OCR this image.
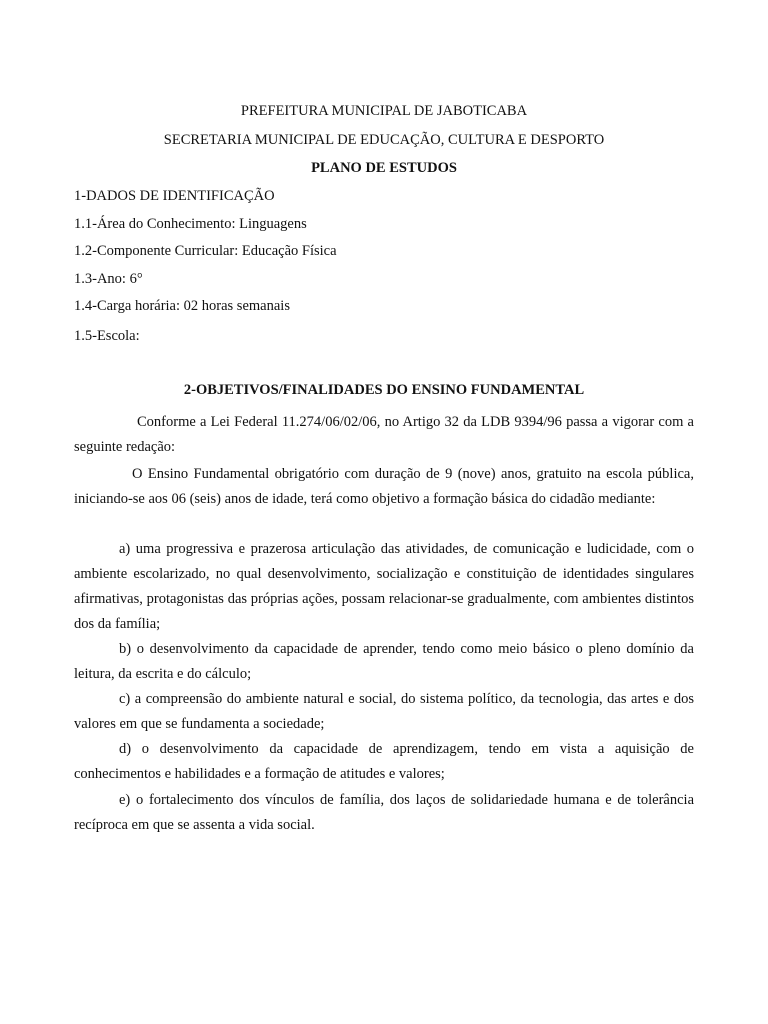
PREFEITURA MUNICIPAL DE JABOTICABA
SECRETARIA MUNICIPAL DE EDUCAÇÃO, CULTURA E DESPORTO
PLANO DE ESTUDOS
1-DADOS DE IDENTIFICAÇÃO
1.1-Área do Conhecimento: Linguagens
1.2-Componente Curricular: Educação Física
1.3-Ano: 6°
1.4-Carga horária: 02 horas semanais
1.5-Escola:
2-OBJETIVOS/FINALIDADES DO ENSINO FUNDAMENTAL

Conforme a Lei Federal 11.274/06/02/06, no Artigo 32 da LDB 9394/96 passa a vigorar com a seguinte redação:

O Ensino Fundamental obrigatório com duração de 9 (nove) anos, gratuito na escola pública, iniciando-se aos 06 (seis) anos de idade, terá como objetivo a formação básica do cidadão mediante:

a) uma progressiva e prazerosa articulação das atividades, de comunicação e ludicidade, com o ambiente escolarizado, no qual desenvolvimento, socialização e constituição de identidades singulares afirmativas, protagonistas das próprias ações, possam relacionar-se gradualmente, com ambientes distintos dos da família;

b) o desenvolvimento da capacidade de aprender, tendo como meio básico o pleno domínio da leitura, da escrita e do cálculo;

c) a compreensão do ambiente natural e social, do sistema político, da tecnologia, das artes e dos valores em que se fundamenta a sociedade;

d) o desenvolvimento da capacidade de aprendizagem, tendo em vista a aquisição de conhecimentos e habilidades e a formação de atitudes e valores;

e) o fortalecimento dos vínculos de família, dos laços de solidariedade humana e de tolerância recíproca em que se assenta a vida social.
